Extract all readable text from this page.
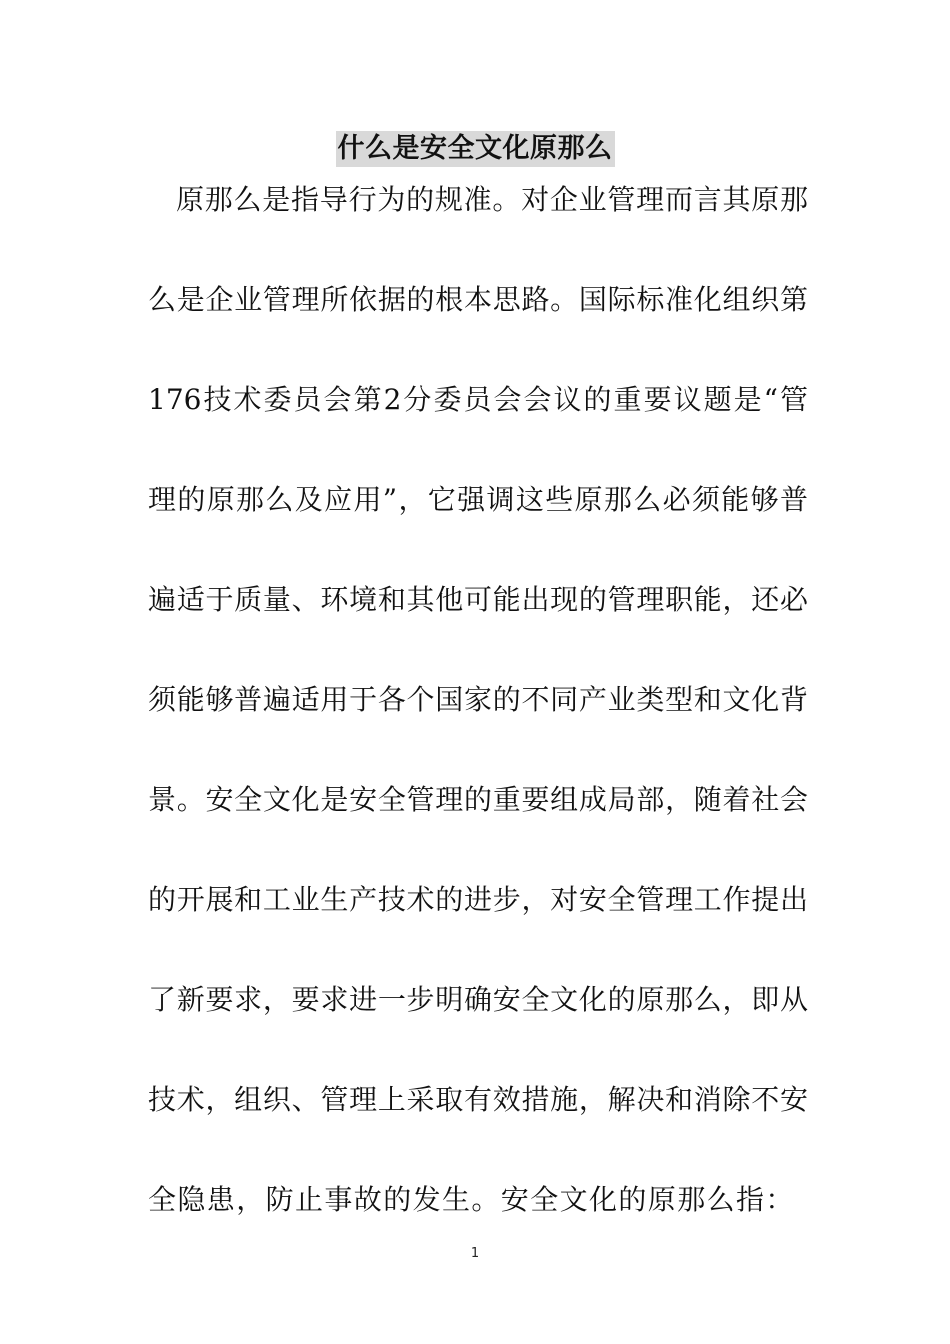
什么是安全文化原那么
原那么是指导行为的规准。对企业管理而言其原那
么是企业管理所依据的根本思路。国际标准化组织第
176技术委员会第2分委员会会议的重要议题是“管
理的原那么及应用”，它强调这些原那么必须能够普
遍适于质量、环境和其他可能出现的管理职能，还必
须能够普遍适用于各个国家的不同产业类型和文化背
景。安全文化是安全管理的重要组成局部，随着社会
的开展和工业生产技术的进步，对安全管理工作提出
了新要求，要求进一步明确安全文化的原那么，即从
技术，组织、管理上采取有效措施，解决和消除不安
全隐患，防止事故的发生。安全文化的原那么指：
1
